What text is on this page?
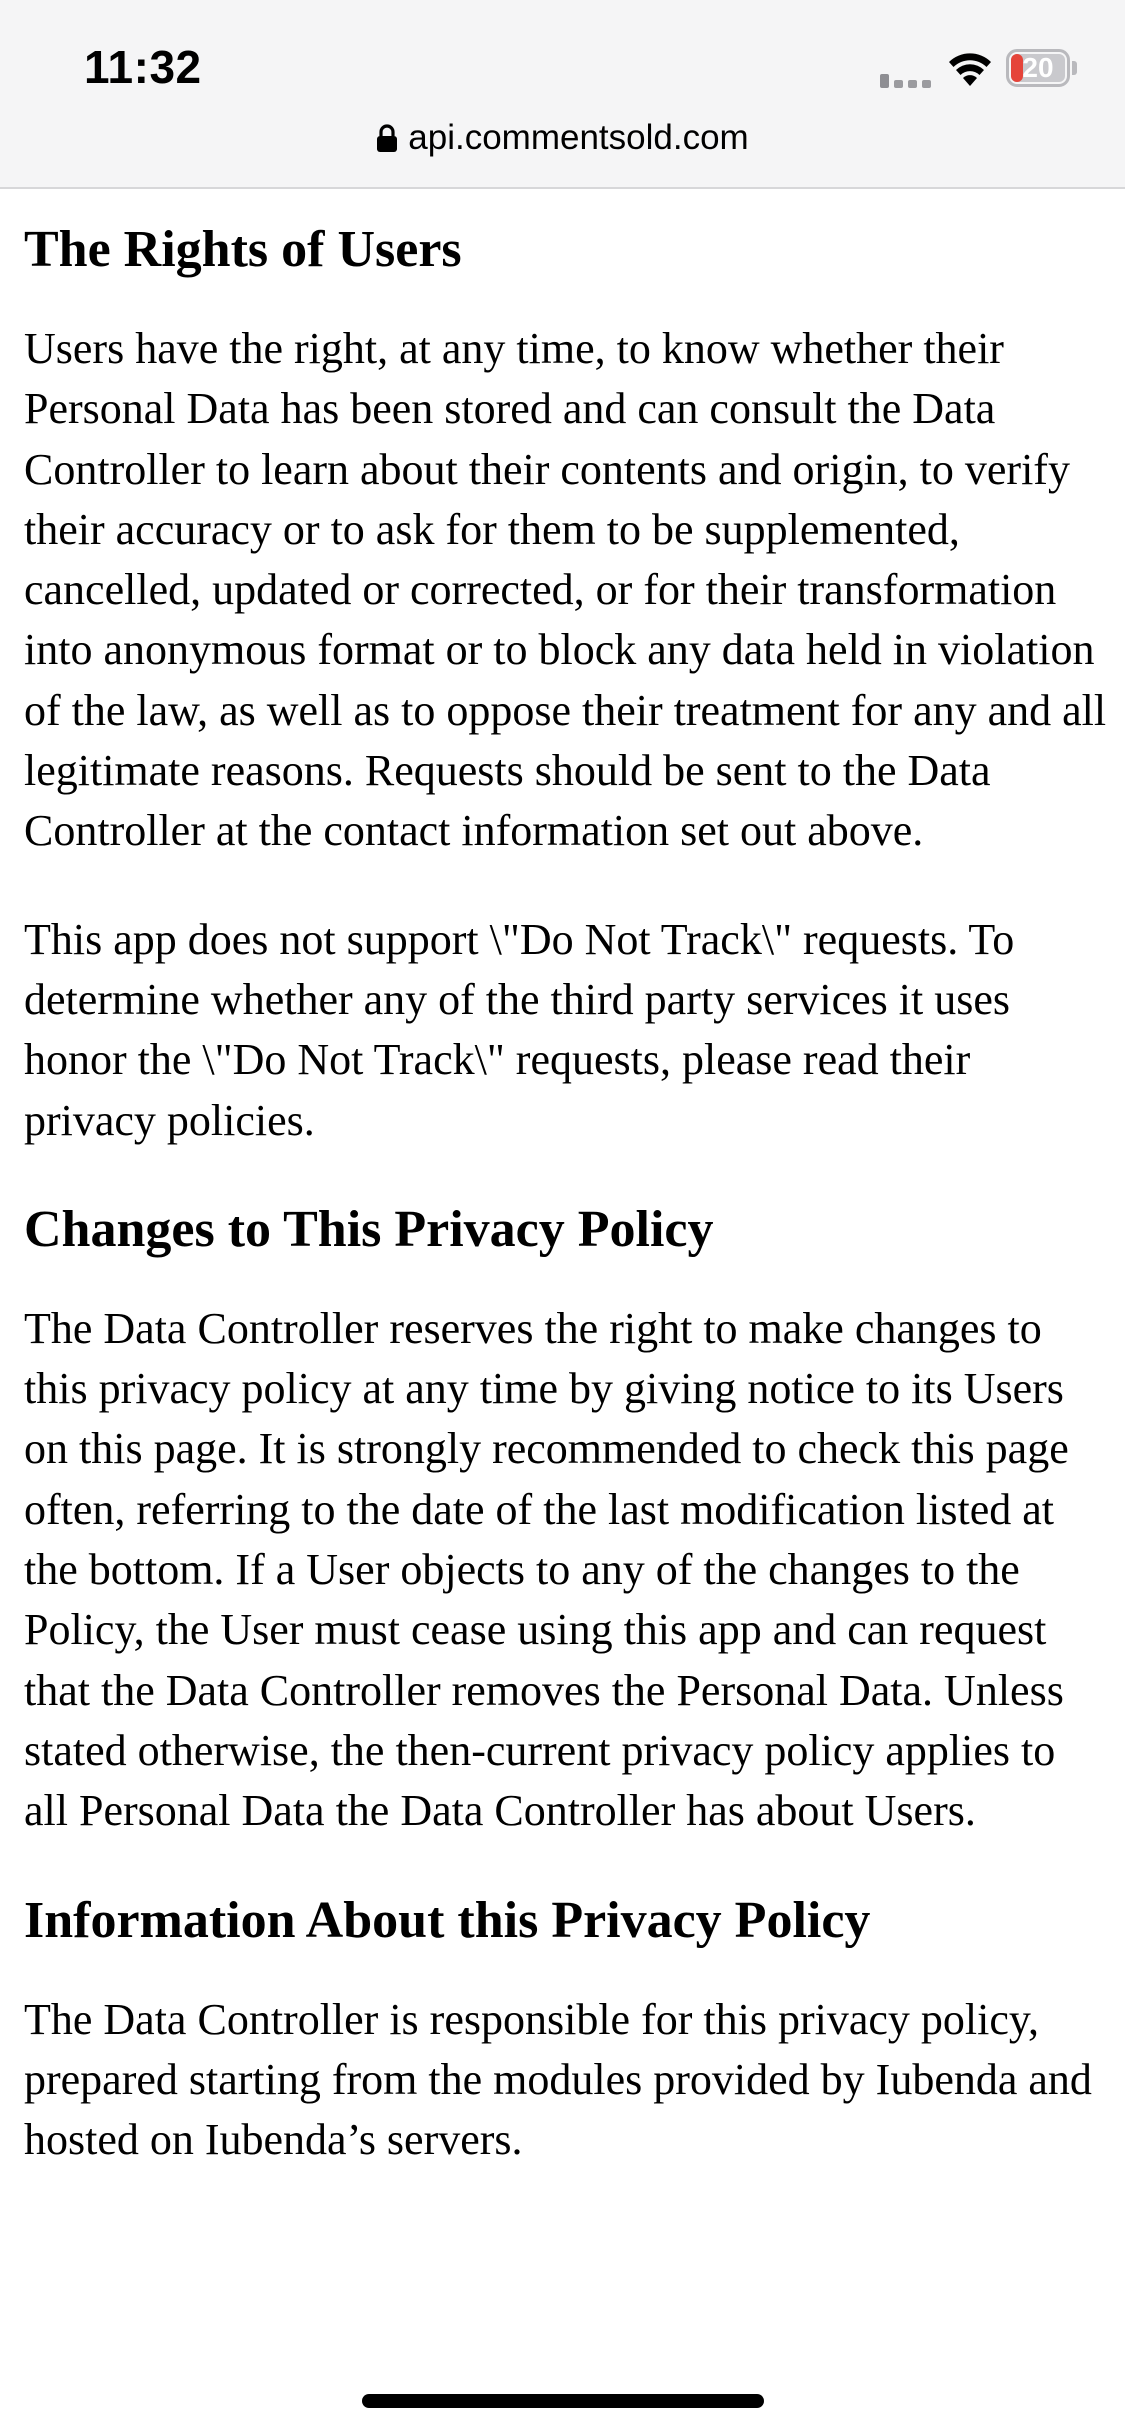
11:32	20
api.commentsold.com
The Rights of Users

Users have the right, at any time, to know whether their Personal Data has been stored and can consult the Data Controller to learn about their contents and origin, to verify their accuracy or to ask for them to be supplemented, cancelled, updated or corrected, or for their transformation into anonymous format or to block any data held in violation of the law, as well as to oppose their treatment for any and all legitimate reasons. Requests should be sent to the Data Controller at the contact information set out above.

This app does not support \"Do Not Track\" requests. To determine whether any of the third party services it uses honor the \"Do Not Track\" requests, please read their privacy policies.

Changes to This Privacy Policy

The Data Controller reserves the right to make changes to this privacy policy at any time by giving notice to its Users on this page. It is strongly recommended to check this page often, referring to the date of the last modification listed at the bottom. If a User objects to any of the changes to the Policy, the User must cease using this app and can request that the Data Controller removes the Personal Data. Unless stated otherwise, the then-current privacy policy applies to all Personal Data the Data Controller has about Users.

Information About this Privacy Policy

The Data Controller is responsible for this privacy policy, prepared starting from the modules provided by Iubenda and hosted on Iubenda’s servers.
